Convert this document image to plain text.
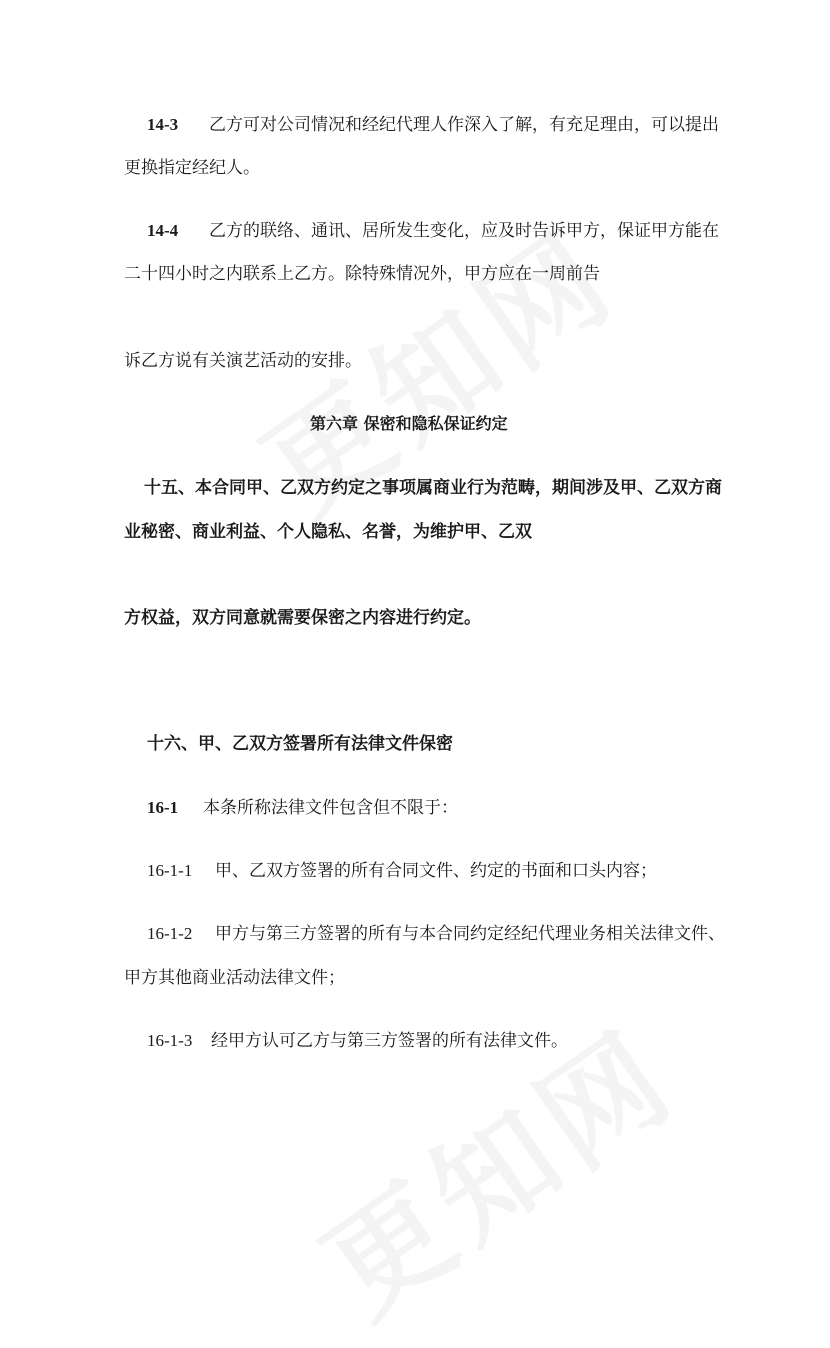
14-3 乙方可对公司情况和经纪代理人作深入了解，有充足理由，可以提出
更换指定经纪人。
14-4 乙方的联络、通讯、居所发生变化，应及时告诉甲方，保证甲方能在
二十四小时之内联系上乙方。除特殊情况外，甲方应在一周前告
诉乙方说有关演艺活动的安排。
第六章 保密和隐私保证约定
十五、本合同甲、乙双方约定之事项属商业行为范畴，期间涉及甲、乙双方商
业秘密、商业利益、个人隐私、名誉，为维护甲、乙双
方权益，双方同意就需要保密之内容进行约定。
十六、甲、乙双方签署所有法律文件保密
16-1 本条所称法律文件包含但不限于：
16-1-1 甲、乙双方签署的所有合同文件、约定的书面和口头内容；
16-1-2 甲方与第三方签署的所有与本合同约定经纪代理业务相关法律文件、
甲方其他商业活动法律文件；
16-1-3 经甲方认可乙方与第三方签署的所有法律文件。
